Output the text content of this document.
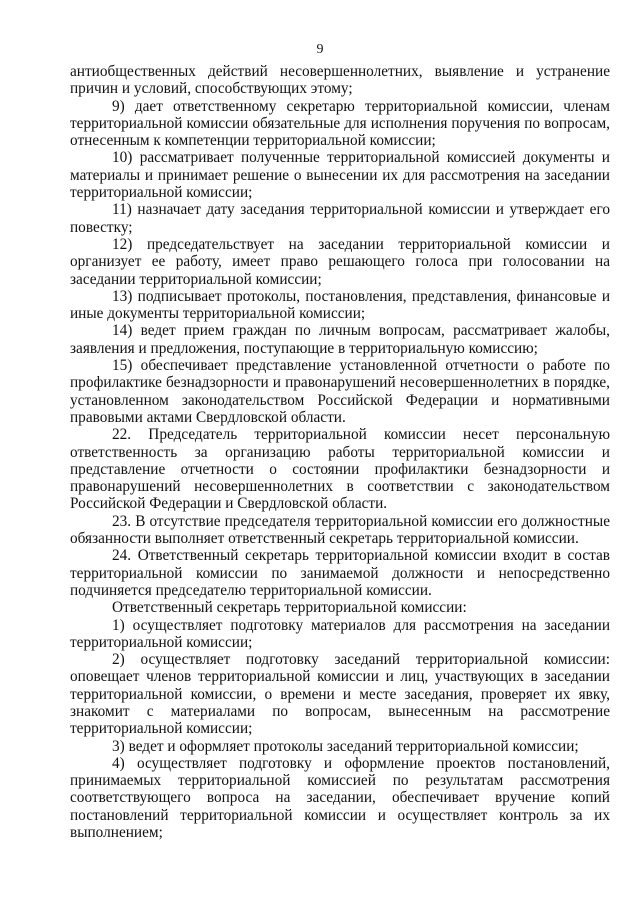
9

антиобщественных действий несовершеннолетних, выявление и устранение причин и условий, способствующих этому;

9) дает ответственному секретарю территориальной комиссии, членам территориальной комиссии обязательные для исполнения поручения по вопросам, отнесенным к компетенции территориальной комиссии;

10) рассматривает полученные территориальной комиссией документы и материалы и принимает решение о вынесении их для рассмотрения на заседании территориальной комиссии;

11) назначает дату заседания территориальной комиссии и утверждает его повестку;

12) председательствует на заседании территориальной комиссии и организует ее работу, имеет право решающего голоса при голосовании на заседании территориальной комиссии;

13) подписывает протоколы, постановления, представления, финансовые и иные документы территориальной комиссии;

14) ведет прием граждан по личным вопросам, рассматривает жалобы, заявления и предложения, поступающие в территориальную комиссию;

15) обеспечивает представление установленной отчетности о работе по профилактике безнадзорности и правонарушений несовершеннолетних в порядке, установленном законодательством Российской Федерации и нормативными правовыми актами Свердловской области.

22. Председатель территориальной комиссии несет персональную ответственность за организацию работы территориальной комиссии и представление отчетности о состоянии профилактики безнадзорности и правонарушений несовершеннолетних в соответствии с законодательством Российской Федерации и Свердловской области.

23. В отсутствие председателя территориальной комиссии его должностные обязанности выполняет ответственный секретарь территориальной комиссии.

24. Ответственный секретарь территориальной комиссии входит в состав территориальной комиссии по занимаемой должности и непосредственно подчиняется председателю территориальной комиссии.

Ответственный секретарь территориальной комиссии:

1) осуществляет подготовку материалов для рассмотрения на заседании территориальной комиссии;

2) осуществляет подготовку заседаний территориальной комиссии: оповещает членов территориальной комиссии и лиц, участвующих в заседании территориальной комиссии, о времени и месте заседания, проверяет их явку, знакомит с материалами по вопросам, вынесенным на рассмотрение территориальной комиссии;

3) ведет и оформляет протоколы заседаний территориальной комиссии;

4) осуществляет подготовку и оформление проектов постановлений, принимаемых территориальной комиссией по результатам рассмотрения соответствующего вопроса на заседании, обеспечивает вручение копий постановлений территориальной комиссии и осуществляет контроль за их выполнением;
